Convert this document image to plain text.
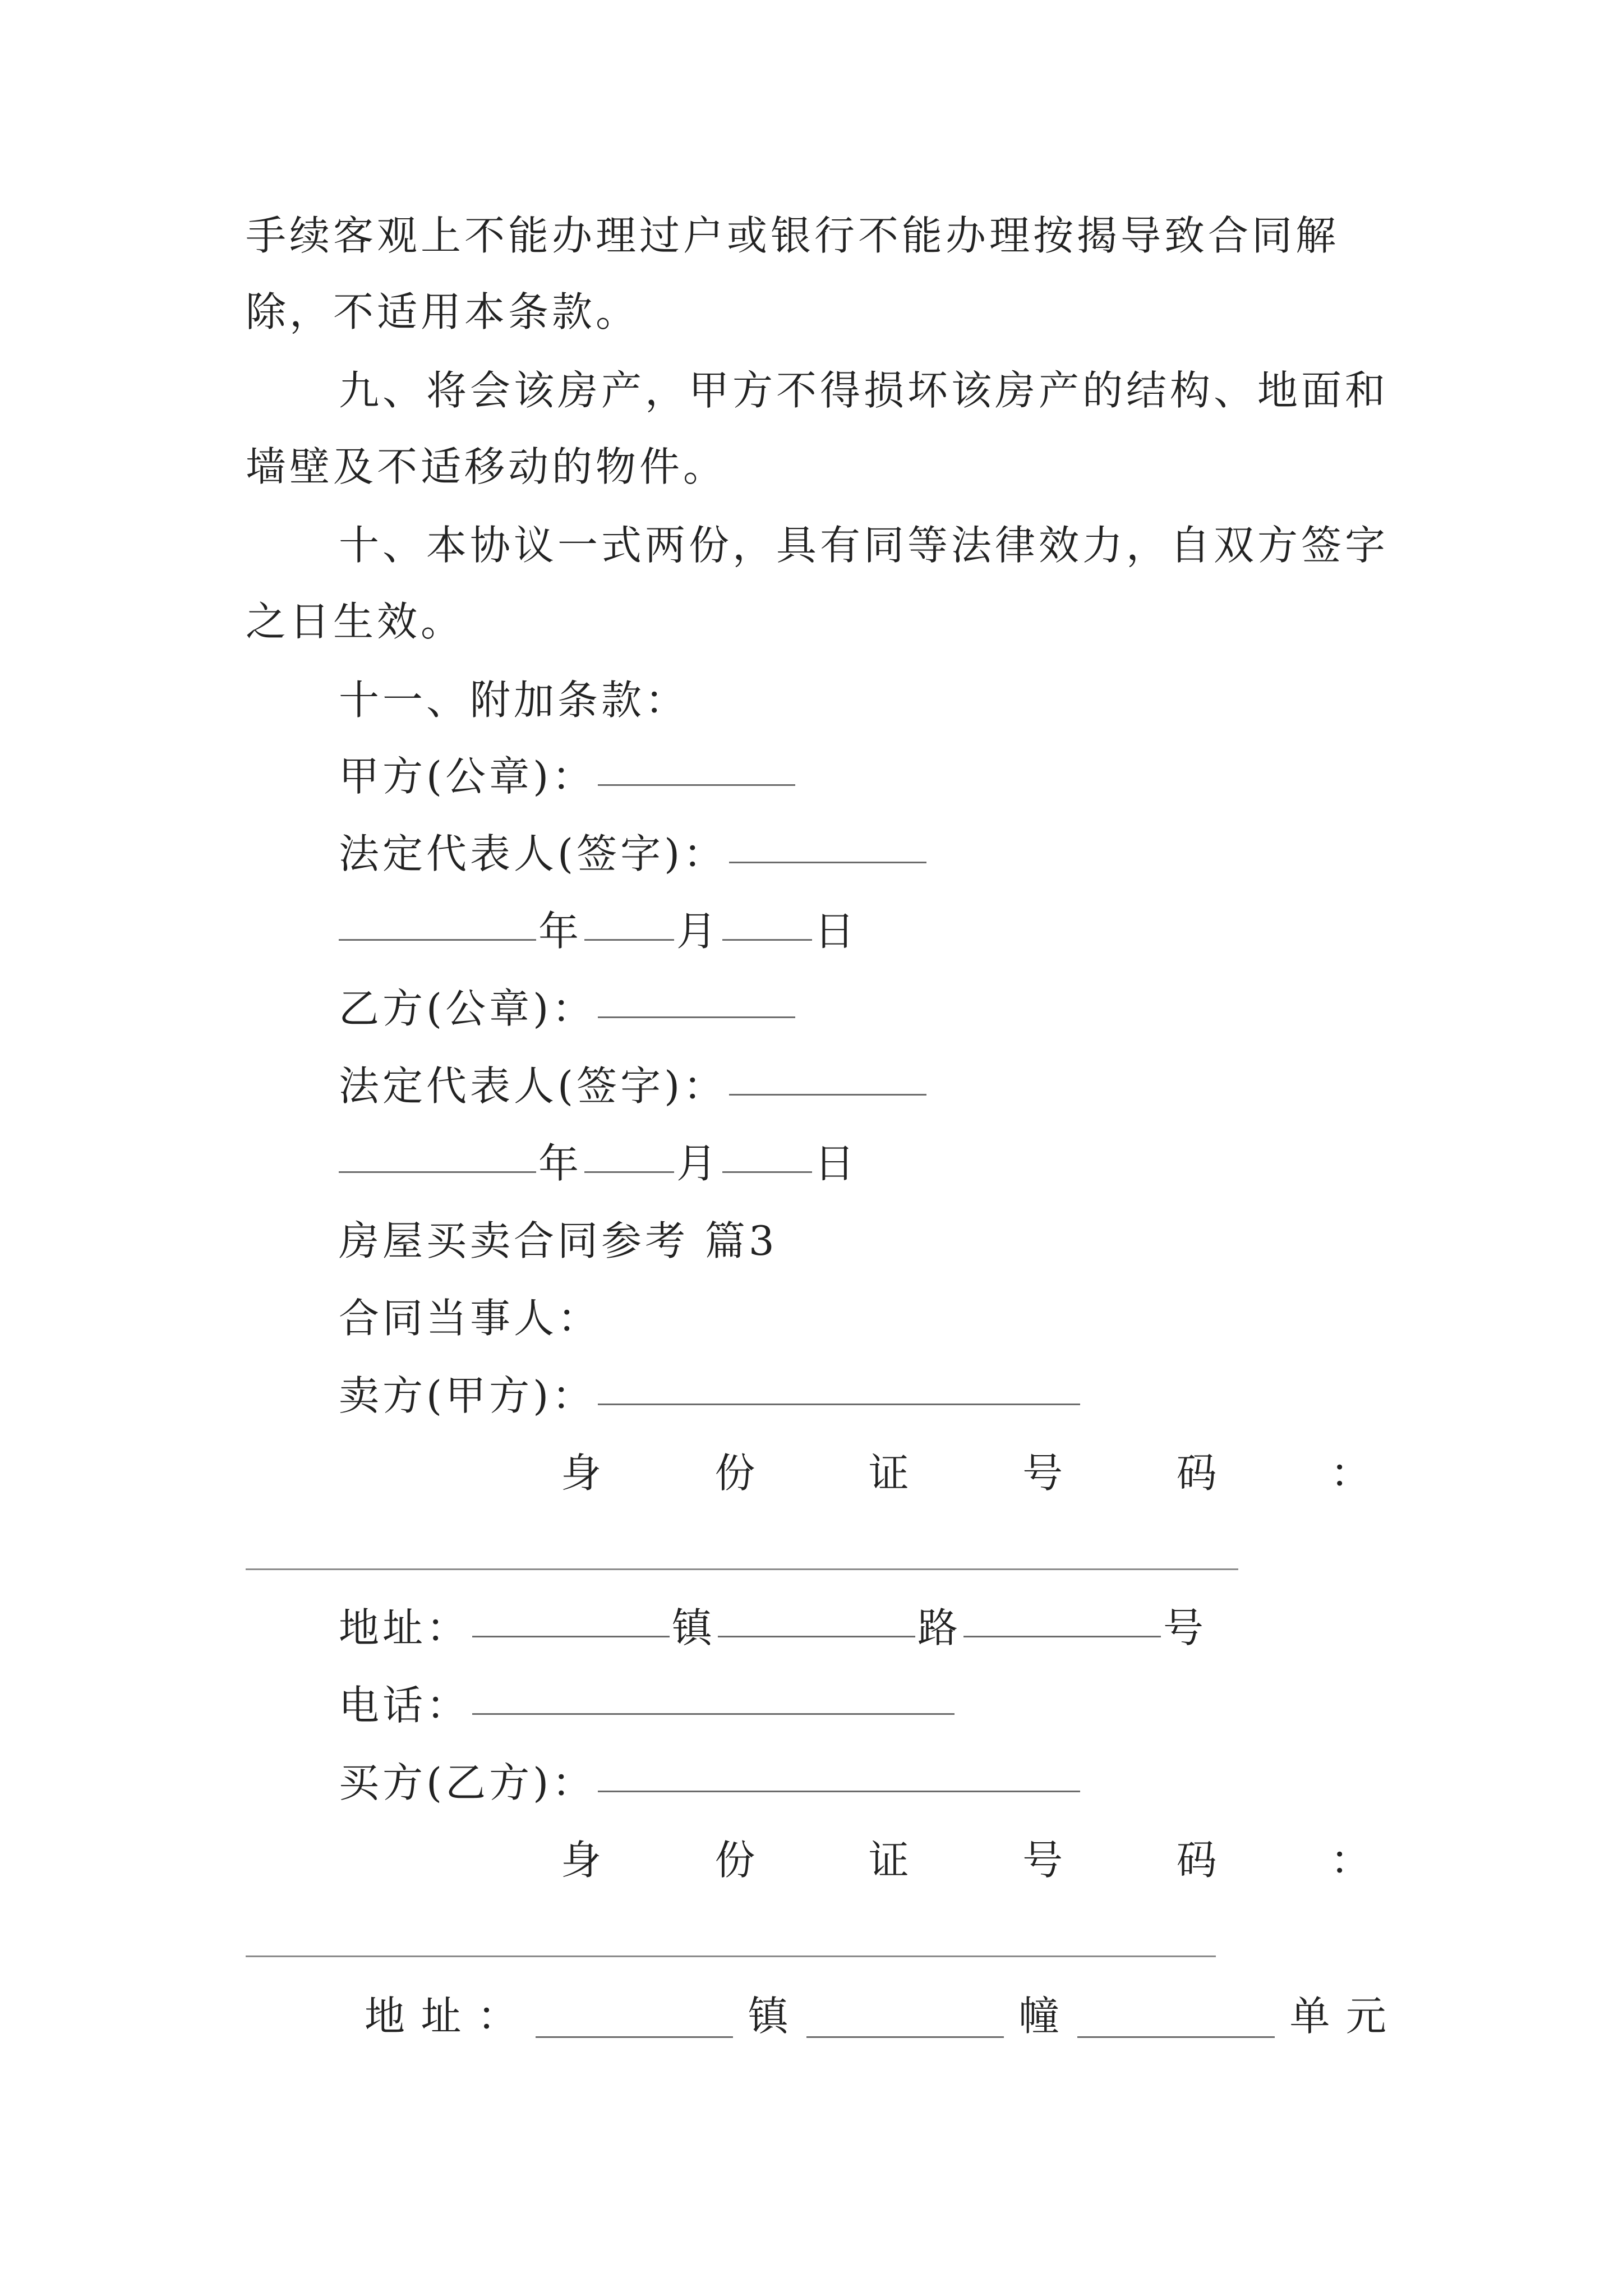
手续客观上不能办理过户或银行不能办理按揭导致合同解
除，不适用本条款。
九、将会该房产，甲方不得损坏该房产的结构、地面和
墙壁及不适移动的物件。
十、本协议一式两份，具有同等法律效力，自双方签字
之日生效。
十一、附加条款：
甲方(公章)：
法定代表人(签字)：
年 月 日
乙方(公章)：
法定代表人(签字)：
年 月 日
房屋买卖合同参考 篇3
合同当事人：
卖方(甲方)：
身	份	证	号	码	：
地址：	镇	路	号
电话：
买方(乙方)：
身	份	证	号	码	：
地 址 ：	镇	幢	单 元
